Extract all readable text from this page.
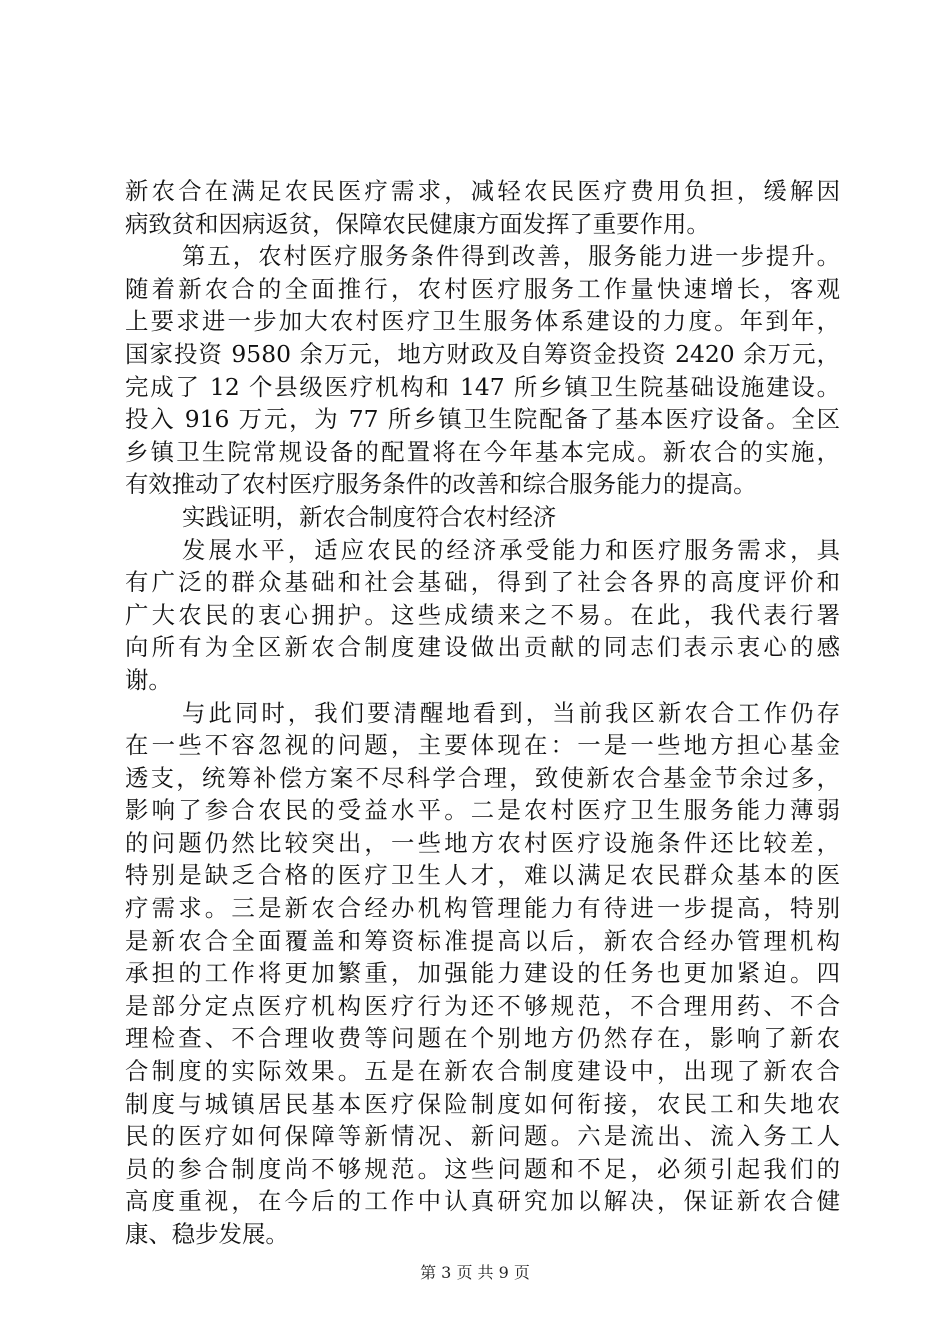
新农合在满足农民医疗需求，减轻农民医疗费用负担，缓解因
病致贫和因病返贫，保障农民健康方面发挥了重要作用。
第五，农村医疗服务条件得到改善，服务能力进一步提升。
随着新农合的全面推行，农村医疗服务工作量快速增长，客观
上要求进一步加大农村医疗卫生服务体系建设的力度。年到年，
国家投资 9580 余万元，地方财政及自筹资金投资 2420 余万元，
完成了 12 个县级医疗机构和 147 所乡镇卫生院基础设施建设。
投入 916 万元，为 77 所乡镇卫生院配备了基本医疗设备。全区
乡镇卫生院常规设备的配置将在今年基本完成。新农合的实施，
有效推动了农村医疗服务条件的改善和综合服务能力的提高。
实践证明，新农合制度符合农村经济
发展水平，适应农民的经济承受能力和医疗服务需求，具
有广泛的群众基础和社会基础，得到了社会各界的高度评价和
广大农民的衷心拥护。这些成绩来之不易。在此，我代表行署
向所有为全区新农合制度建设做出贡献的同志们表示衷心的感
谢。
与此同时，我们要清醒地看到，当前我区新农合工作仍存
在一些不容忽视的问题，主要体现在：一是一些地方担心基金
透支，统筹补偿方案不尽科学合理，致使新农合基金节余过多，
影响了参合农民的受益水平。二是农村医疗卫生服务能力薄弱
的问题仍然比较突出，一些地方农村医疗设施条件还比较差，
特别是缺乏合格的医疗卫生人才，难以满足农民群众基本的医
疗需求。三是新农合经办机构管理能力有待进一步提高，特别
是新农合全面覆盖和筹资标准提高以后，新农合经办管理机构
承担的工作将更加繁重，加强能力建设的任务也更加紧迫。四
是部分定点医疗机构医疗行为还不够规范，不合理用药、不合
理检查、不合理收费等问题在个别地方仍然存在，影响了新农
合制度的实际效果。五是在新农合制度建设中，出现了新农合
制度与城镇居民基本医疗保险制度如何衔接，农民工和失地农
民的医疗如何保障等新情况、新问题。六是流出、流入务工人
员的参合制度尚不够规范。这些问题和不足，必须引起我们的
高度重视，在今后的工作中认真研究加以解决，保证新农合健
康、稳步发展。
第 3 页 共 9 页
